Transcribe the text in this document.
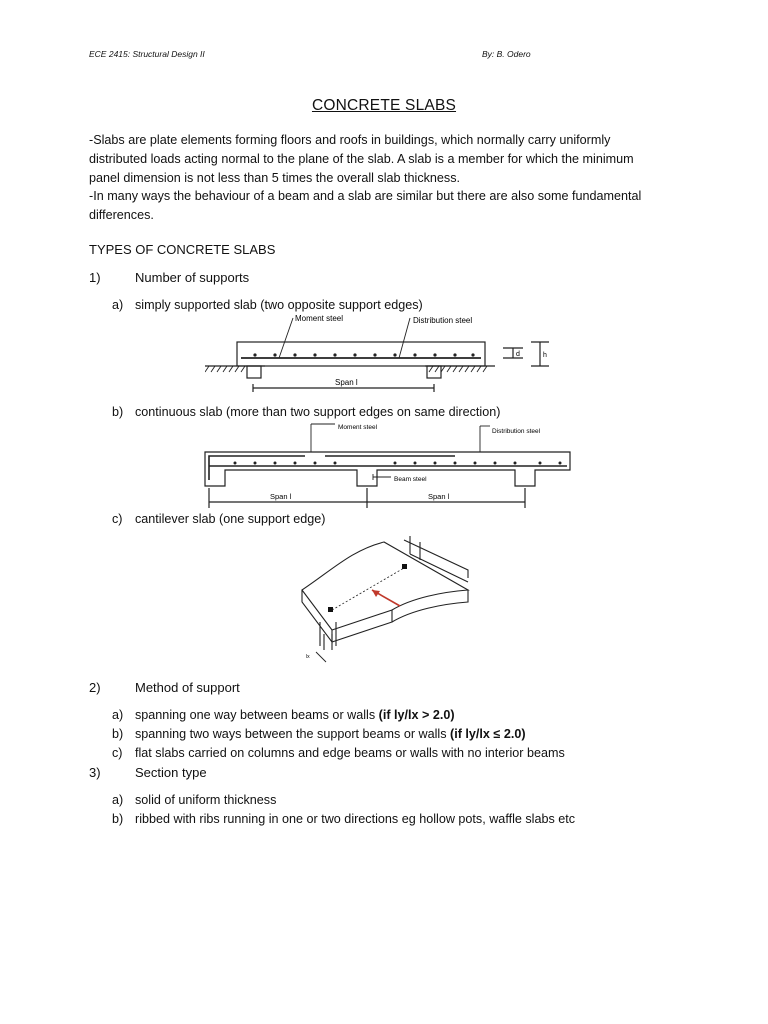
ECE 2415: Structural Design II	By: B. Odero
CONCRETE SLABS
-Slabs are plate elements forming floors and roofs in buildings, which normally carry uniformly
distributed loads acting normal to the plane of the slab. A slab is a member for which the minimum
panel dimension is not less than 5 times the overall slab thickness.
-In many ways the behaviour of a beam and a slab are similar but there are also some fundamental
differences.
TYPES OF CONCRETE SLABS
1)	Number of supports
a) simply supported slab (two opposite support edges)
Moment steel	Distribution steel
Span l
d	h
b) continuous slab (more than two support edges on same direction)
Moment steel
Distribution steel
Beam steel
Span l	Span l
c) cantilever slab (one support edge)
lx
2)	Method of support
a) spanning one way between beams or walls (if ly/lx > 2.0)
b) spanning two ways between the support beams or walls (if ly/lx ≤ 2.0)
c) flat slabs carried on columns and edge beams or walls with no interior beams
3)	Section type
a) solid of uniform thickness
b) ribbed with ribs running in one or two directions eg hollow pots, waffle slabs etc
